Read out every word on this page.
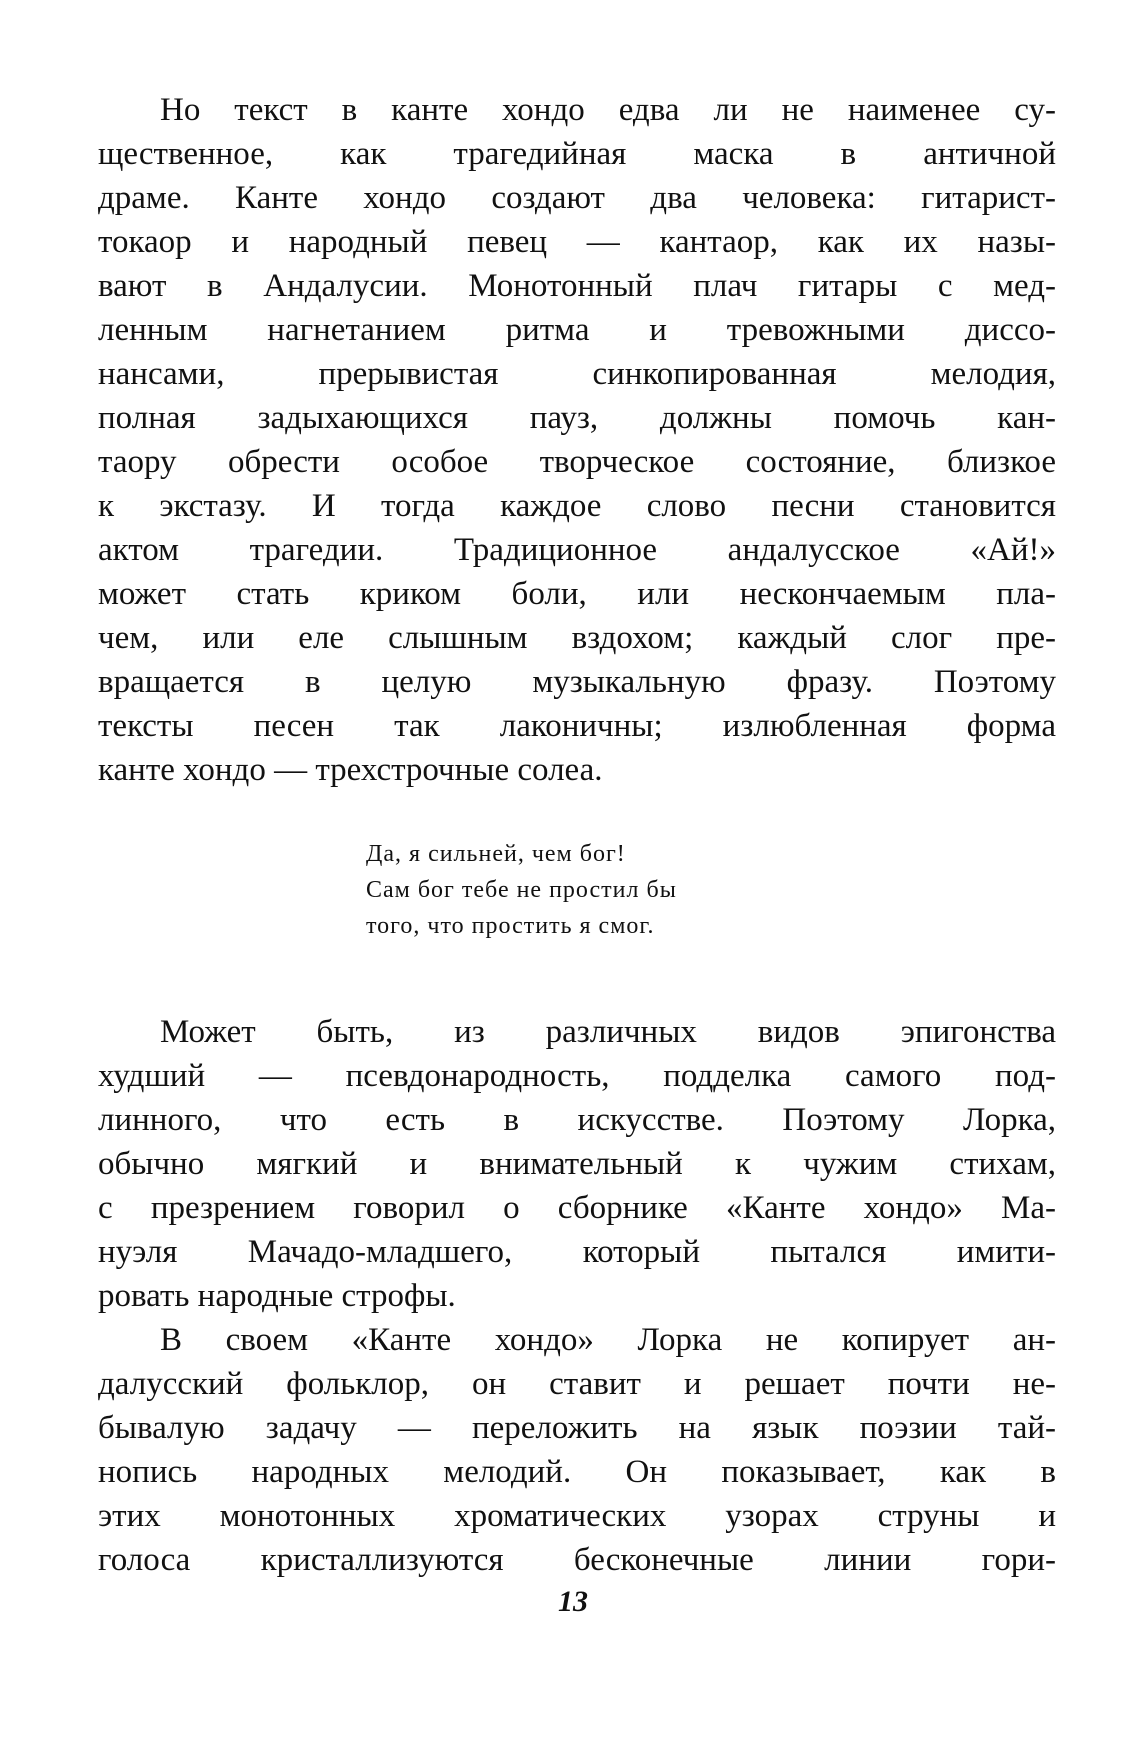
Но текст в канте хондо едва ли не наименее су-
щественное, как трагедийная маска в античной
драме. Канте хондо создают два человека: гитарист-
токаор и народный певец — кантаор, как их назы-
вают в Андалусии. Монотонный плач гитары с мед-
ленным нагнетанием ритма и тревожными диссо-
нансами, прерывистая синкопированная мелодия,
полная задыхающихся пауз, должны помочь кан-
таору обрести особое творческое состояние, близкое
к экстазу. И тогда каждое слово песни становится
актом трагедии. Традиционное андалусское «Ай!»
может стать криком боли, или нескончаемым пла-
чем, или еле слышным вздохом; каждый слог пре-
вращается в целую музыкальную фразу. Поэтому
тексты песен так лаконичны; излюбленная форма
канте хондо — трехстрочные солеа.
Да, я сильней, чем бог!
Сам бог тебе не простил бы
того, что простить я смог.
Может быть, из различных видов эпигонства
худший — псевдонародность, подделка самого под-
линного, что есть в искусстве. Поэтому Лорка,
обычно мягкий и внимательный к чужим стихам,
с презрением говорил о сборнике «Канте хондо» Ма-
нуэля Мачадо-младшего, который пытался имити-
ровать народные строфы.
В своем «Канте хондо» Лорка не копирует ан-
далусский фольклор, он ставит и решает почти не-
бывалую задачу — переложить на язык поэзии тай-
нопись народных мелодий. Он показывает, как в
этих монотонных хроматических узорах струны и
голоса кристаллизуются бесконечные линии гори-
13
